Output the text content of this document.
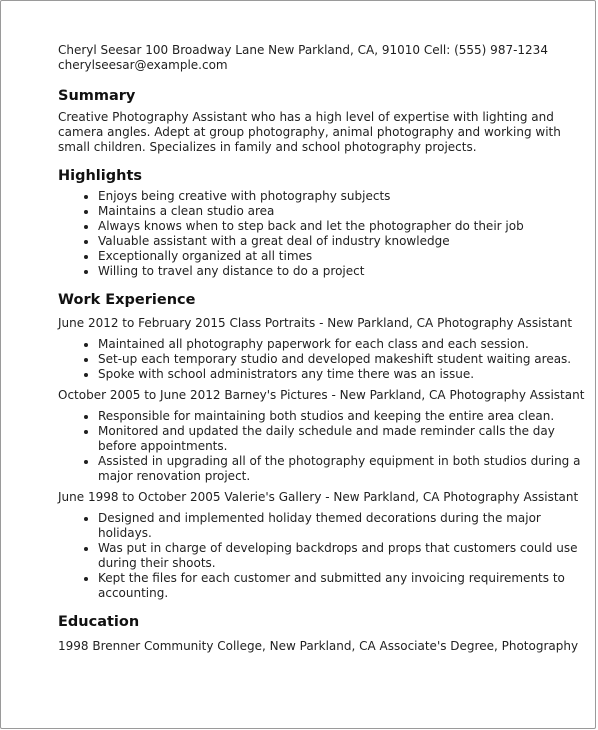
Cheryl Seesar 100 Broadway Lane New Parkland, CA, 91010 Cell: (555) 987-1234

cherylseesar@example.com

Summary

Creative Photography Assistant who has a high level of expertise with lighting and camera angles. Adept at group photography, animal photography and working with small children. Specializes in family and school photography projects.

Highlights
• Enjoys being creative with photography subjects
• Maintains a clean studio area
• Always knows when to step back and let the photographer do their job
• Valuable assistant with a great deal of industry knowledge
• Exceptionally organized at all times
• Willing to travel any distance to do a project
Work Experience

June 2012 to February 2015 Class Portraits - New Parkland, CA Photography Assistant

• Maintained all photography paperwork for each class and each session.
• Set-up each temporary studio and developed makeshift student waiting areas.
• Spoke with school administrators any time there was an issue.

October 2005 to June 2012 Barney's Pictures - New Parkland, CA Photography Assistant

• Responsible for maintaining both studios and keeping the entire area clean.
• Monitored and updated the daily schedule and made reminder calls the day before appointments.
• Assisted in upgrading all of the photography equipment in both studios during a major renovation project.

June 1998 to October 2005 Valerie's Gallery - New Parkland, CA Photography Assistant

• Designed and implemented holiday themed decorations during the major holidays.
• Was put in charge of developing backdrops and props that customers could use during their shoots.
• Kept the files for each customer and submitted any invoicing requirements to accounting.
Education

1998 Brenner Community College, New Parkland, CA Associate's Degree, Photography
